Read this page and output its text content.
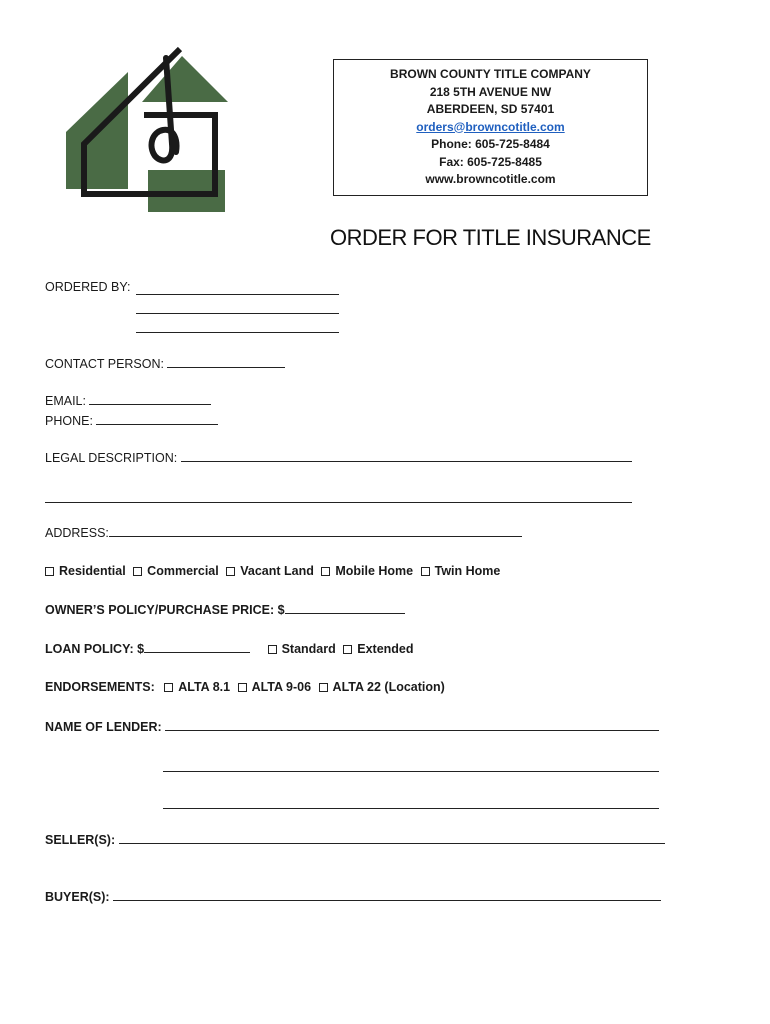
BROWN COUNTY TITLE COMPANY
218 5TH AVENUE NW
ABERDEEN, SD 57401
orders@browncotitle.com
Phone: 605-725-8484
Fax: 605-725-8485
www.browncotitle.com
ORDER FOR TITLE INSURANCE
ORDERED BY:
CONTACT PERSON:
EMAIL:
PHONE:
LEGAL DESCRIPTION:
ADDRESS:
Residential Commercial Vacant Land Mobile Home Twin Home
OWNER’S POLICY/PURCHASE PRICE: $
LOAN POLICY: $	Standard Extended
ENDORSEMENTS: ALTA 8.1 ALTA 9-06 ALTA 22 (Location)
NAME OF LENDER:
SELLER(S):
BUYER(S):
